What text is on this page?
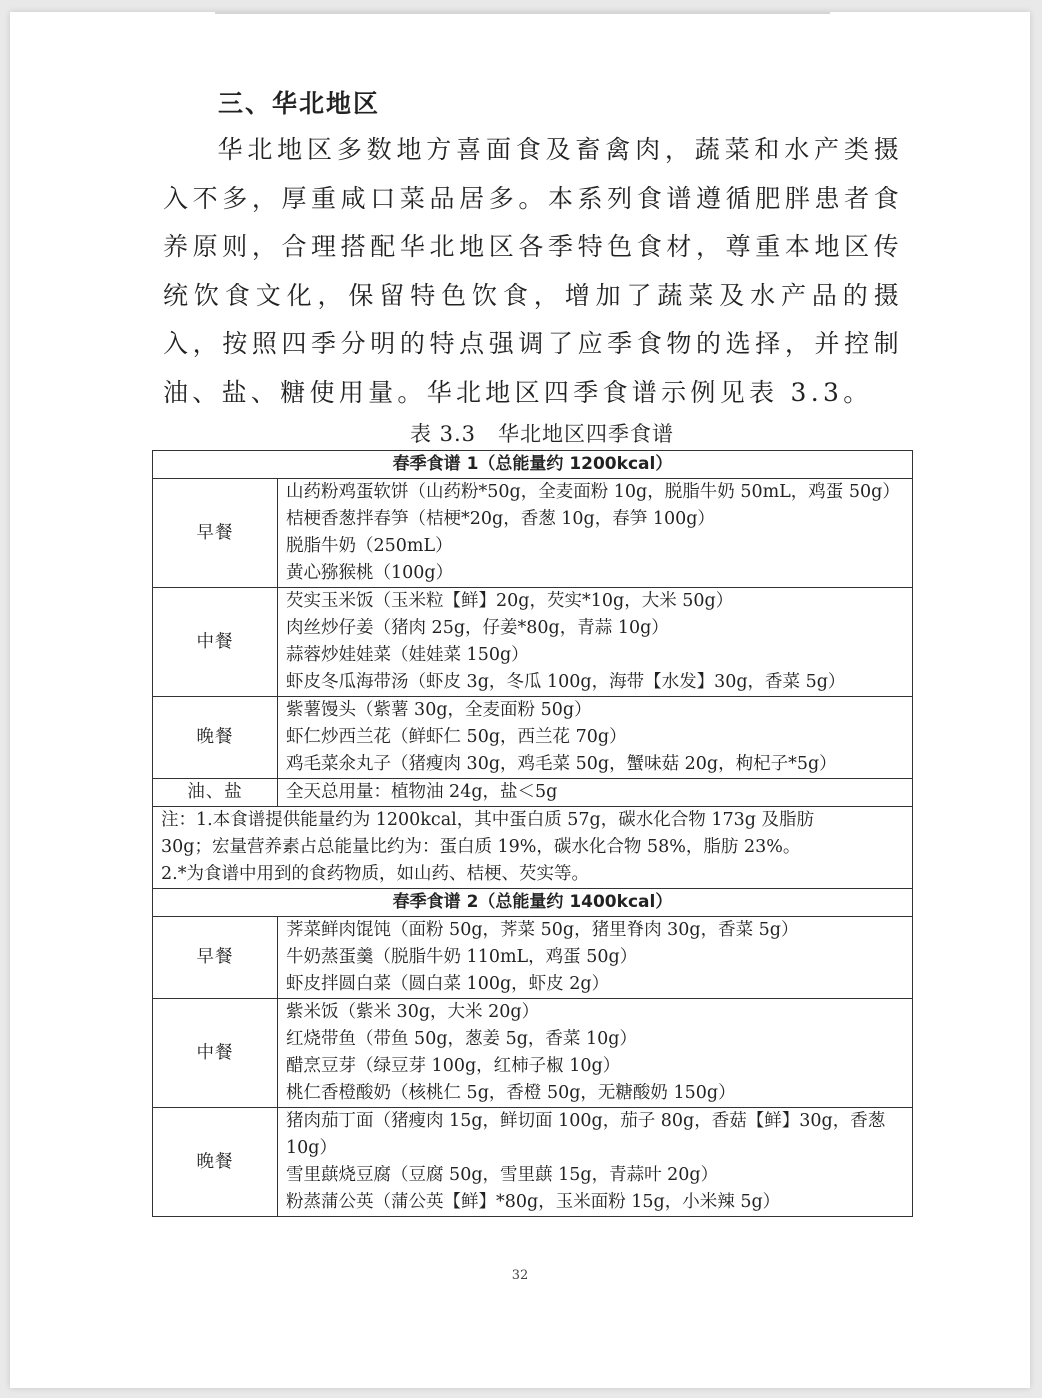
三、华北地区
华北地区多数地方喜面食及畜禽肉，蔬菜和水产类摄入不多，厚重咸口菜品居多。本系列食谱遵循肥胖患者食养原则，合理搭配华北地区各季特色食材，尊重本地区传统饮食文化，保留特色饮食，增加了蔬菜及水产品的摄入，按照四季分明的特点强调了应季食物的选择，并控制油、盐、糖使用量。华北地区四季食谱示例见表 3.3。
表 3.3 华北地区四季食谱
春季食谱 1（总能量约 1200kcal）	
早餐	山药粉鸡蛋软饼（山药粉*50g，全麦面粉 10g，脱脂牛奶 50mL，鸡蛋 50g）
桔梗香葱拌春笋（桔梗*20g，香葱 10g，春笋 100g）
脱脂牛奶（250mL）
黄心猕猴桃（100g）

中餐	芡实玉米饭（玉米粒【鲜】20g，芡实*10g，大米 50g）
肉丝炒仔姜（猪肉 25g，仔姜*80g，青蒜 10g）
蒜蓉炒娃娃菜（娃娃菜 150g）
虾皮冬瓜海带汤（虾皮 3g，冬瓜 100g，海带【水发】30g，香菜 5g）

晚餐	紫薯馒头（紫薯 30g，全麦面粉 50g）
虾仁炒西兰花（鲜虾仁 50g，西兰花 70g）
鸡毛菜氽丸子（猪瘦肉 30g，鸡毛菜 50g，蟹味菇 20g，枸杞子*5g）

油、盐	全天总用量：植物油 24g，盐＜5g

注：1.本食谱提供能量约为 1200kcal，其中蛋白质 57g，碳水化合物 173g 及脂肪
30g；宏量营养素占总能量比约为：蛋白质 19%，碳水化合物 58%，脂肪 23%。
2.*为食谱中用到的食药物质，如山药、桔梗、芡实等。	

春季食谱 2（总能量约 1400kcal）	
早餐	荠菜鲜肉馄饨（面粉 50g，荠菜 50g，猪里脊肉 30g，香菜 5g）
牛奶蒸蛋羹（脱脂牛奶 110mL，鸡蛋 50g）
虾皮拌圆白菜（圆白菜 100g，虾皮 2g）

中餐	紫米饭（紫米 30g，大米 20g）
红烧带鱼（带鱼 50g，葱姜 5g，香菜 10g）
醋烹豆芽（绿豆芽 100g，红柿子椒 10g）
桃仁香橙酸奶（核桃仁 5g，香橙 50g，无糖酸奶 150g）

晚餐	猪肉茄丁面（猪瘦肉 15g，鲜切面 100g，茄子 80g，香菇【鲜】30g，香葱 10g）
雪里蕻烧豆腐（豆腐 50g，雪里蕻 15g，青蒜叶 20g）
粉蒸蒲公英（蒲公英【鲜】*80g，玉米面粉 15g，小米辣 5g）
32
